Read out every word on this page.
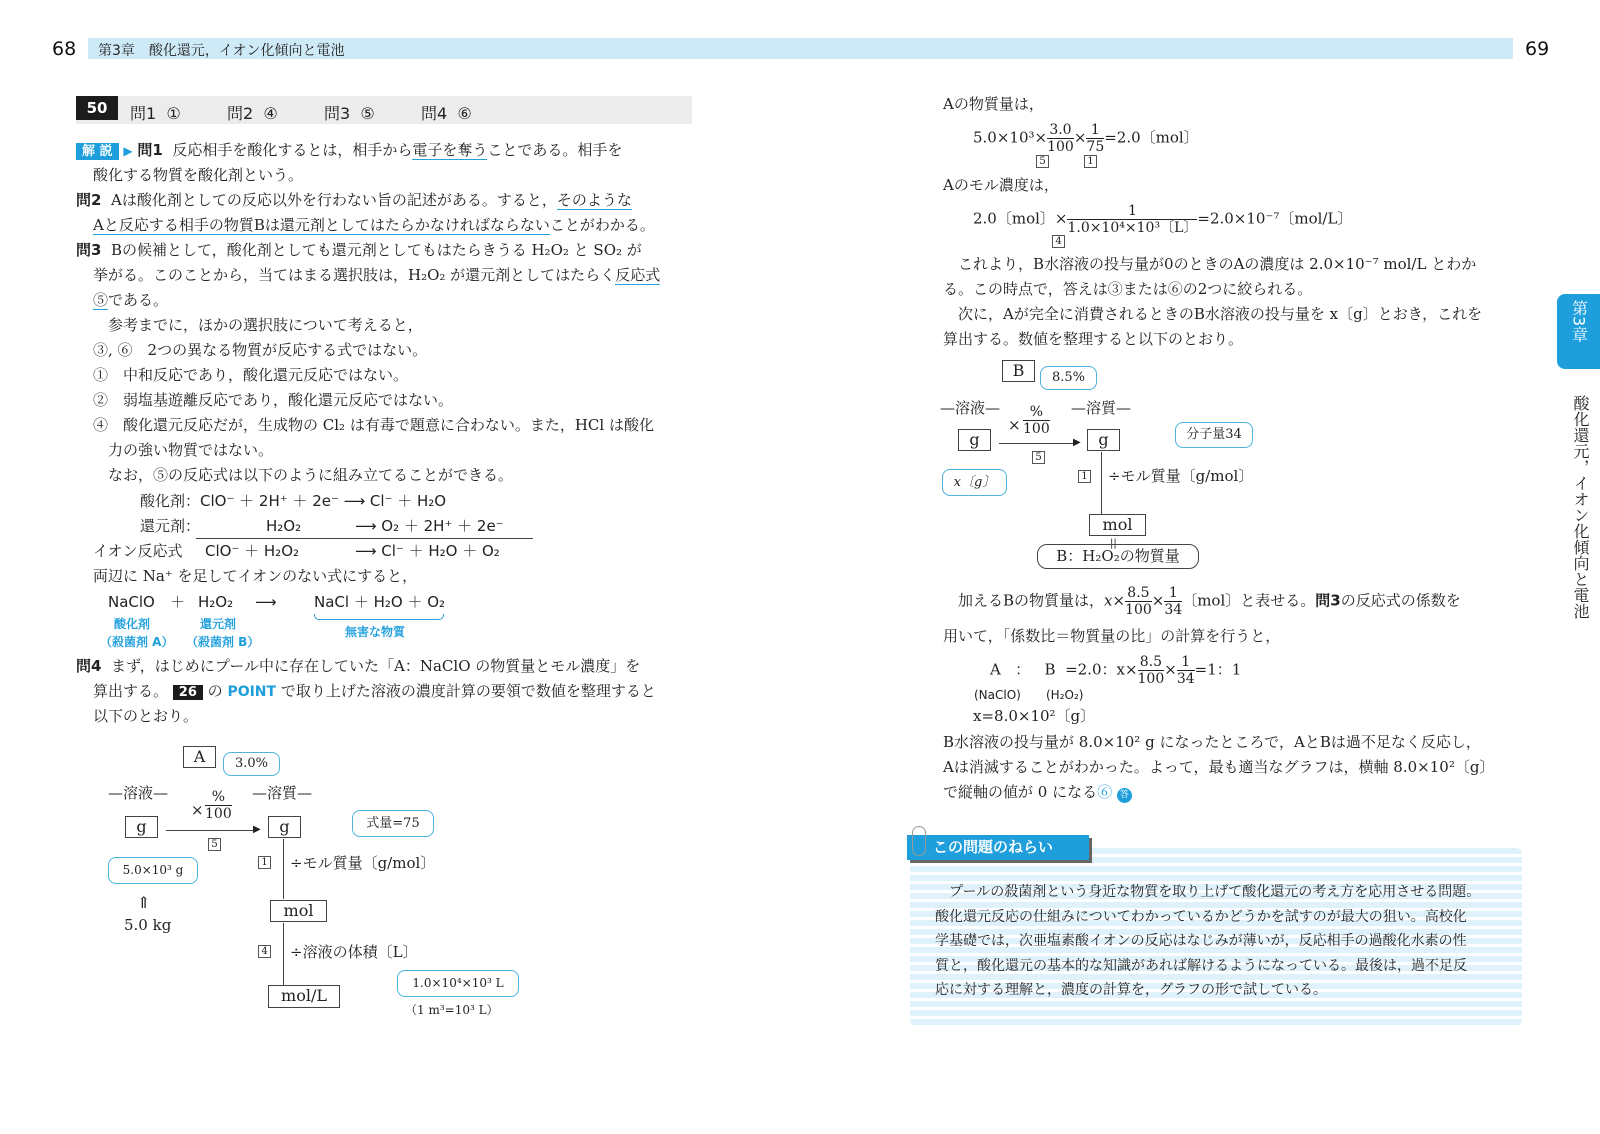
68 第3章　酸化還元，イオン化傾向と電池	69
第3章
酸化還元，イオン化傾向と電池
50	問1 ①	問2 ④	問3 ⑤	問4 ⑥
解 説 ▶ 問1 反応相手を酸化するとは，相手から電子を奪うことである。相手を
酸化する物質を酸化剤という。
問2 Aは酸化剤としての反応以外を行わない旨の記述がある。すると，そのような
Aと反応する相手の物質Bは還元剤としてはたらかなければならないことがわかる。
問3 Bの候補として，酸化剤としても還元剤としてもはたらきうる H₂O₂ と SO₂ が
挙がる。このことから，当てはまる選択肢は，H₂O₂ が還元剤としてはたらく反応式
⑤である。
参考までに，ほかの選択肢について考えると，
③, ⑥　2つの異なる物質が反応する式ではない。
①　中和反応であり，酸化還元反応ではない。
②　弱塩基遊離反応であり，酸化還元反応ではない。
④　酸化還元反応だが，生成物の Cl₂ は有毒で題意に合わない。また，HCl は酸化
力の強い物質ではない。
なお，⑤の反応式は以下のように組み立てることができる。
酸化剤：ClO⁻ ＋ 2H⁺ ＋ 2e⁻ ⟶ Cl⁻ ＋ H₂O
還元剤：	H₂O₂	⟶ O₂ ＋ 2H⁺ ＋ 2e⁻
イオン反応式 ClO⁻ ＋ H₂O₂	⟶ Cl⁻ ＋ H₂O ＋ O₂
両辺に Na⁺ を足してイオンのない式にすると，
NaClO ＋ H₂O₂ ⟶ NaCl ＋ H₂O ＋ O₂
酸化剤
（殺菌剤 A）
還元剤
（殺菌剤 B）
無害な物質
問4 まず，はじめにプール中に存在していた「A：NaClO の物質量とモル濃度」を
算出する。 26 の POINT で取り上げた溶液の濃度計算の要領で数値を整理すると
以下のとおり。
A	3.0%
—溶液—	—溶質—
×
%
100
g	▶
5
g
5.0×10³ g
⇑
5.0 kg
式量=75
1 ÷モル質量〔g/mol〕
mol
4 ÷溶液の体積〔L〕
1.0×10⁴×10³ L
（1 m³=10³ L）
mol/L
Aの物質量は，
$5.0\times 10^3\times \frac{3.0}{100} \times \frac{1}{75} =2.0$〔mol〕
5	1
Aのモル濃度は，
2.0〔mol〕× $\frac{1}{\text{1.0×10⁴×10³〔L〕}} =2.0\times 10^{-7}$〔mol/L〕
4
これより，B水溶液の投与量が0のときのAの濃度は 2.0×10⁻⁷ mol/L とわか
る。この時点で，答えは③または⑥の2つに絞られる。
次に，Aが完全に消費されるときのB水溶液の投与量を x〔g〕とおき，これを
算出する。数値を整理すると以下のとおり。
B	8.5%
—溶液—	—溶質—
×
%
100
g	▶
5
g
x〔g〕
分子量34
1 ÷モル質量〔g/mol〕
mol
||
B：H₂O₂の物質量
加えるBの物質量は，$x\times \frac{8.5}{100} \times \frac{1}{34}$ 〔mol〕と表せる。問3の反応式の係数を
用いて，「係数比＝物質量の比」の計算を行うと，
A ： B =2.0：$x\times \frac{8.5}{100} \times \frac{1}{34} =1$：1
(NaClO) (H₂O₂)
x=8.0×10²〔g〕
B水溶液の投与量が 8.0×10² g になったところで，AとBは過不足なく反応し，
Aは消滅することがわかった。よって，最も適当なグラフは，横軸 8.0×10²〔g〕
で縦軸の値が 0 になる⑥ 答
この問題のねらい
　プールの殺菌剤という身近な物質を取り上げて酸化還元の考え方を応用させる問題。
酸化還元反応の仕組みについてわかっているかどうかを試すのが最大の狙い。高校化
学基礎では，次亜塩素酸イオンの反応はなじみが薄いが，反応相手の過酸化水素の性
質と，酸化還元の基本的な知識があれば解けるようになっている。最後は，過不足反
応に対する理解と，濃度の計算を，グラフの形で試している。
